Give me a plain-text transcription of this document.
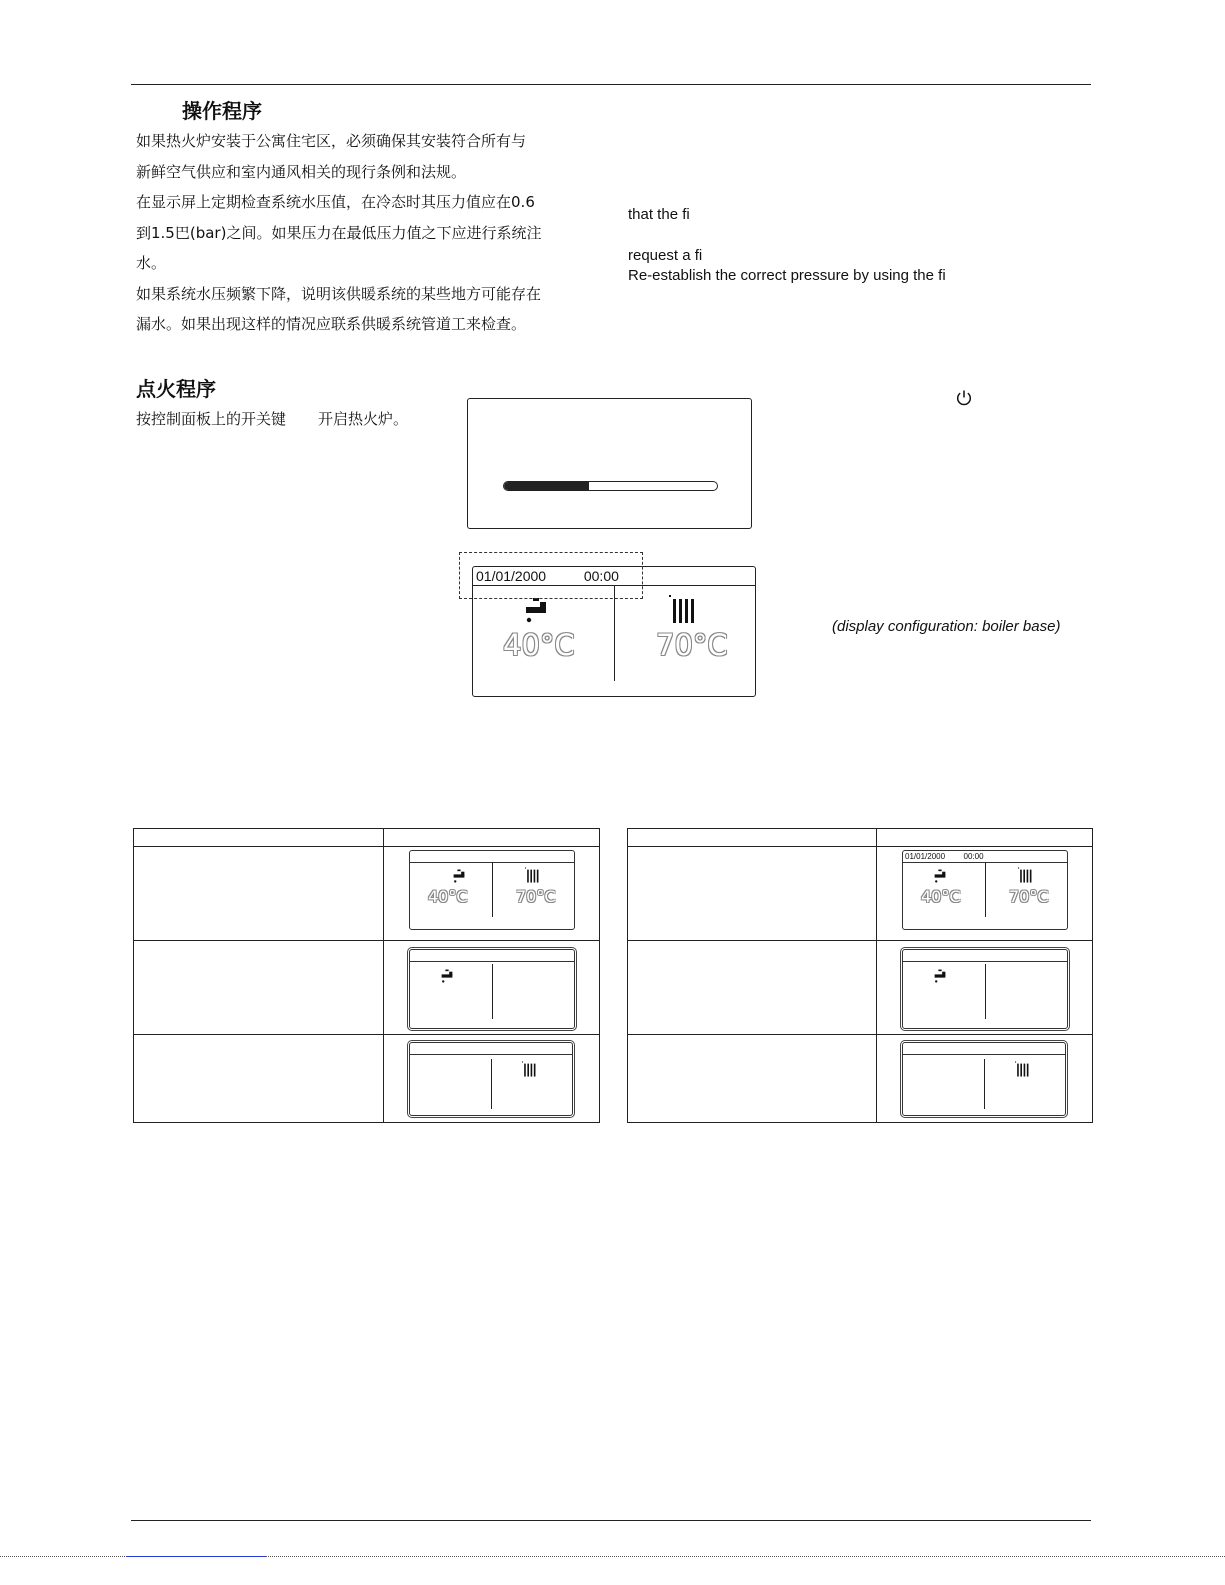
操作程序

如果热火炉安装于公寓住宅区，必须确保其安装符合所有与

新鲜空气供应和室内通风相关的现行条例和法规。

在显示屏上定期检查系统水压值，在冷态时其压力值应在0.6

到1.5巴(bar)之间。如果压力在最低压力值之下应进行系统注

水。

如果系统水压频繁下降，说明该供暖系统的某些地方可能存在

漏水。如果出现这样的情况应联系供暖系统管道工来检查。

that the fi
request a fi
Re-establish the correct pressure by using the fi
点火程序
按控制面板上的开关键 开启热火炉。
01/01/2000	00:00
40°C	70°C
(display configuration: boiler base)

	40°C 70°C

	01/01/2000 00:00
40°C 70°C
